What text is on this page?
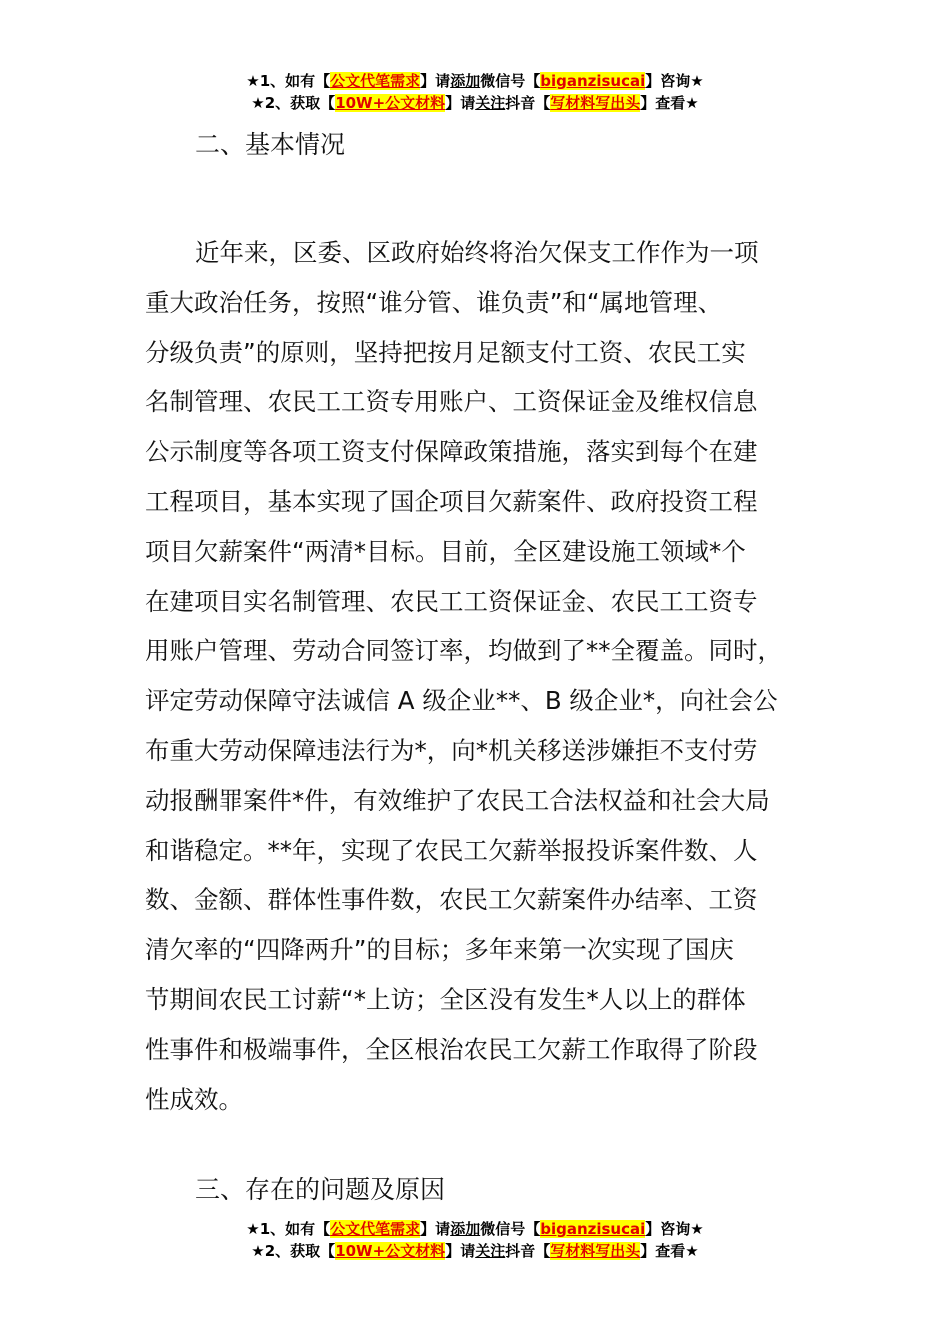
★1、如有【公文代笔需求】请添加微信号【biganzisucai】咨询★
★2、获取【10W+公文材料】请关注抖音【写材料写出头】查看★
二、基本情况
近年来，区委、区政府始终将治欠保支工作作为一项
重大政治任务，按照“谁分管、谁负责”和“属地管理、
分级负责”的原则，坚持把按月足额支付工资、农民工实
名制管理、农民工工资专用账户、工资保证金及维权信息
公示制度等各项工资支付保障政策措施，落实到每个在建
工程项目，基本实现了国企项目欠薪案件、政府投资工程
项目欠薪案件“两清*目标。目前，全区建设施工领域*个
在建项目实名制管理、农民工工资保证金、农民工工资专
用账户管理、劳动合同签订率，均做到了**全覆盖。同时，
评定劳动保障守法诚信 A 级企业**、B 级企业*，向社会公
布重大劳动保障违法行为*，向*机关移送涉嫌拒不支付劳
动报酬罪案件*件，有效维护了农民工合法权益和社会大局
和谐稳定。**年，实现了农民工欠薪举报投诉案件数、人
数、金额、群体性事件数，农民工欠薪案件办结率、工资
清欠率的“四降两升”的目标；多年来第一次实现了国庆
节期间农民工讨薪“*上访；全区没有发生*人以上的群体
性事件和极端事件，全区根治农民工欠薪工作取得了阶段
性成效。
三、存在的问题及原因
★1、如有【公文代笔需求】请添加微信号【biganzisucai】咨询★
★2、获取【10W+公文材料】请关注抖音【写材料写出头】查看★
